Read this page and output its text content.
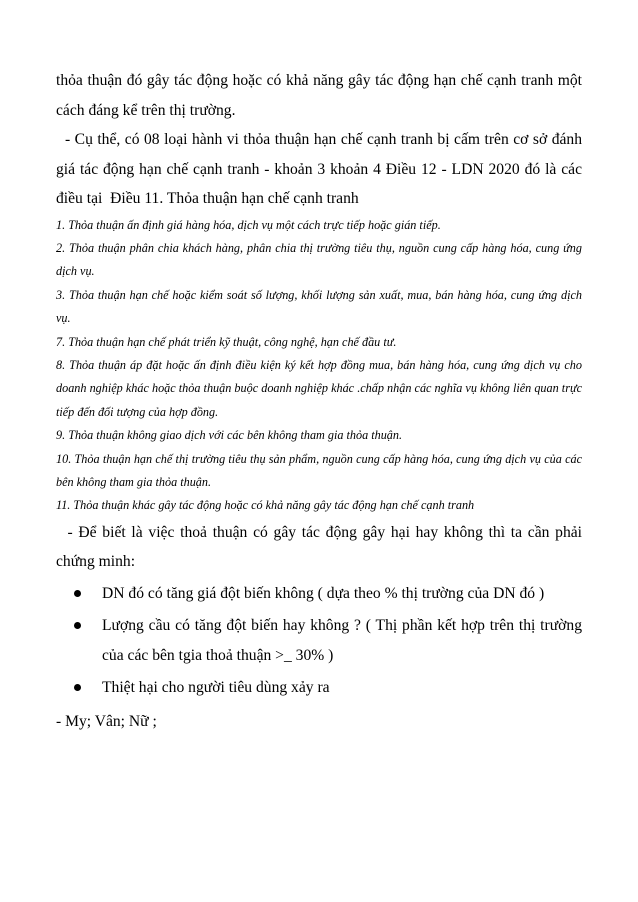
thỏa thuận đó gây tác động hoặc có khả năng gây tác động hạn chế cạnh tranh một cách đáng kể trên thị trường.

- Cụ thể, có 08 loại hành vi thỏa thuận hạn chế cạnh tranh bị cấm trên cơ sở đánh giá tác động hạn chế cạnh tranh - khoản 3 khoản 4 Điều 12 - LDN 2020 đó là các điều tại  Điều 11. Thỏa thuận hạn chế cạnh tranh

1. Thỏa thuận ấn định giá hàng hóa, dịch vụ một cách trực tiếp hoặc gián tiếp.

2. Thỏa thuận phân chia khách hàng, phân chia thị trường tiêu thụ, nguồn cung cấp hàng hóa, cung ứng dịch vụ.

3. Thỏa thuận hạn chế hoặc kiểm soát số lượng, khối lượng sản xuất, mua, bán hàng hóa, cung ứng dịch vụ.

7. Thỏa thuận hạn chế phát triển kỹ thuật, công nghệ, hạn chế đầu tư.

8. Thỏa thuận áp đặt hoặc ấn định điều kiện ký kết hợp đồng mua, bán hàng hóa, cung ứng dịch vụ cho doanh nghiệp khác hoặc thỏa thuận buộc doanh nghiệp khác .chấp nhận các nghĩa vụ không liên quan trực tiếp đến đối tượng của hợp đồng.

9. Thỏa thuận không giao dịch với các bên không tham gia thỏa thuận.

10. Thỏa thuận hạn chế thị trường tiêu thụ sản phẩm, nguồn cung cấp hàng hóa, cung ứng dịch vụ của các bên không tham gia thỏa thuận.

11. Thỏa thuận khác gây tác động hoặc có khả năng gây tác động hạn chế cạnh tranh

- Để biết là việc thoả thuận có gây tác động gây hại hay không thì ta cần phải chứng minh:

DN đó có tăng giá đột biến không ( dựa theo % thị trường của DN đó )
Lượng cầu có tăng đột biến hay không ? ( Thị phần kết hợp trên thị trường của các bên tgia thoả thuận >_ 30% )
Thiệt hại cho người tiêu dùng xảy ra

- My; Vân; Nữ ;
